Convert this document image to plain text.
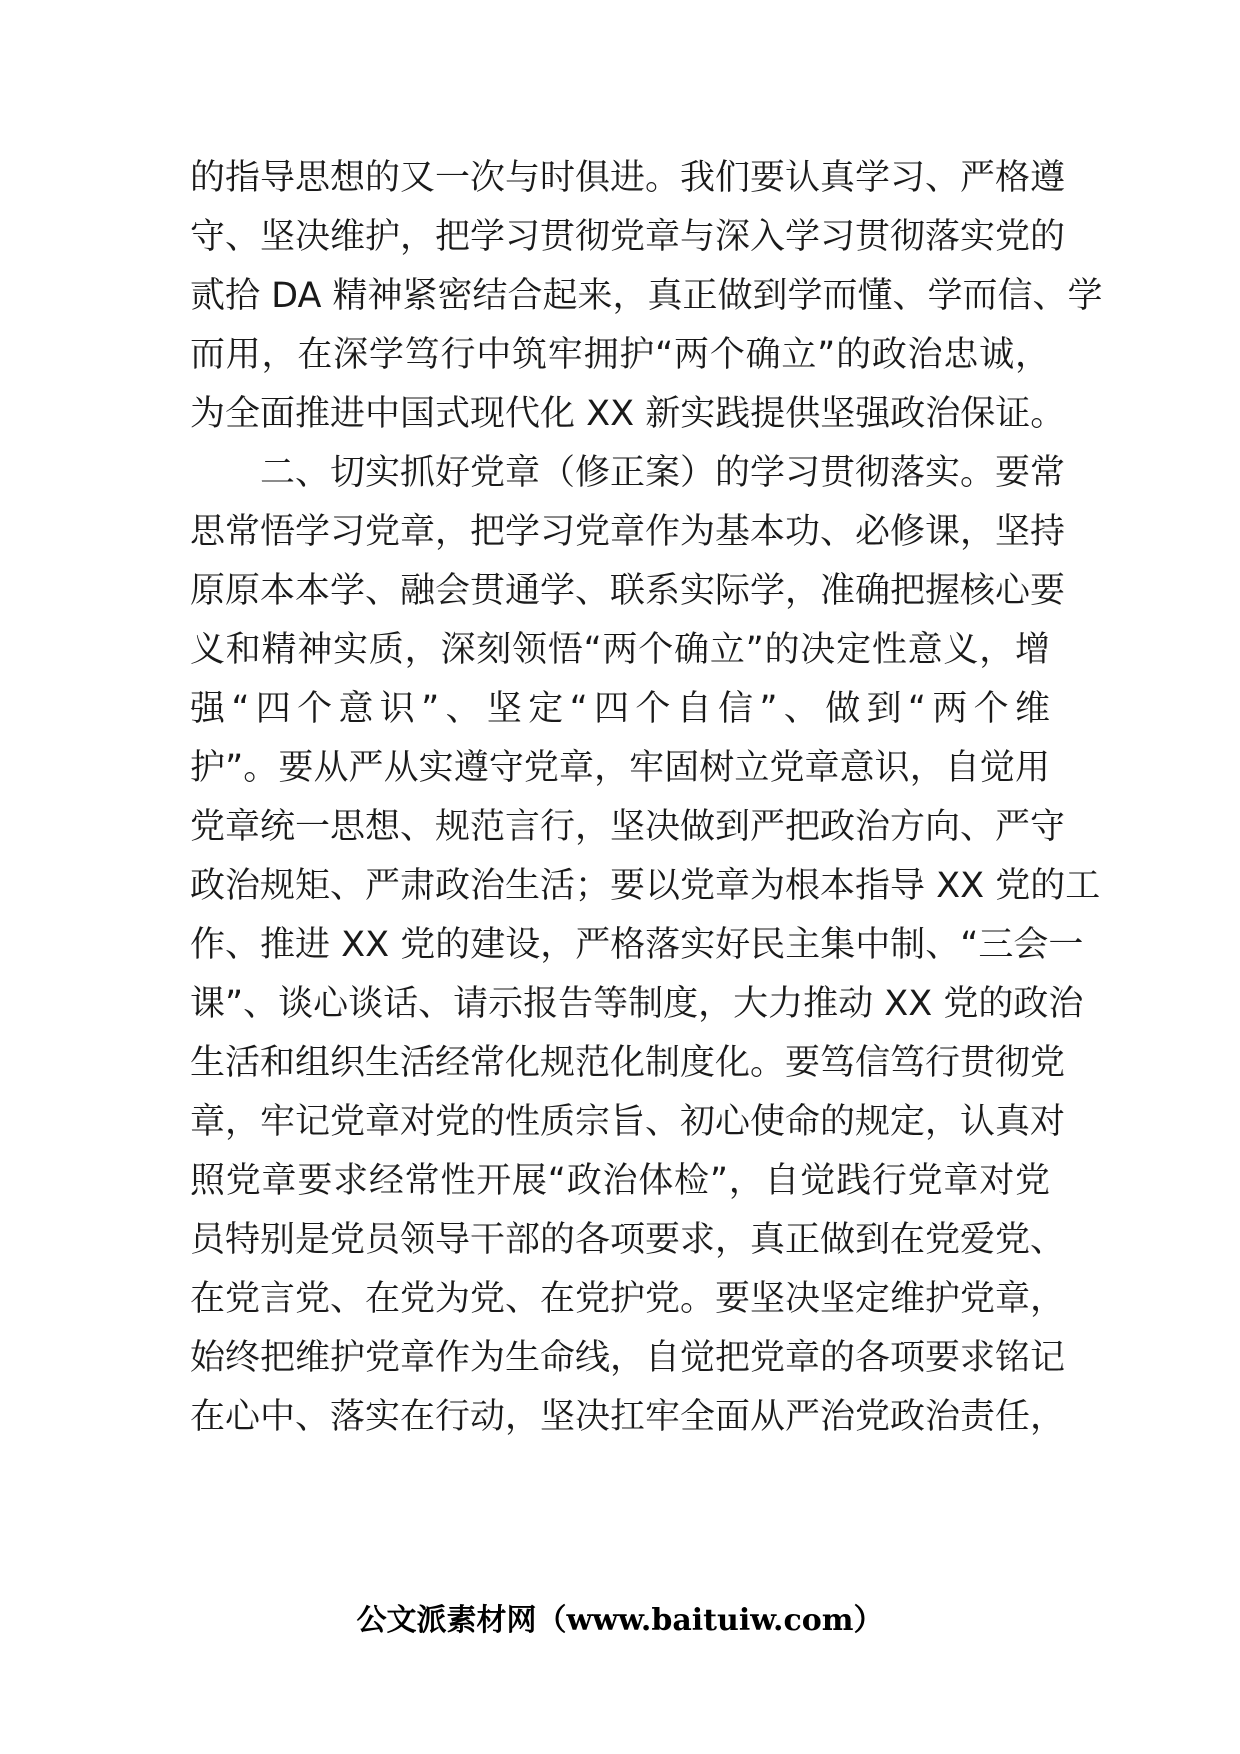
的指导思想的又一次与时俱进。我们要认真学习、严格遵
守、坚决维护，把学习贯彻党章与深入学习贯彻落实党的
贰拾 DA 精神紧密结合起来，真正做到学而懂、学而信、学
而用，在深学笃行中筑牢拥护“两个确立”的政治忠诚，
为全面推进中国式现代化 XX 新实践提供坚强政治保证。
　　二、切实抓好党章（修正案）的学习贯彻落实。要常
思常悟学习党章，把学习党章作为基本功、必修课，坚持
原原本本学、融会贯通学、联系实际学，准确把握核心要
义和精神实质，深刻领悟“两个确立”的决定性意义，增
强“四个意识”、坚定“四个自信”、做到“两个维
护”。要从严从实遵守党章，牢固树立党章意识，自觉用
党章统一思想、规范言行，坚决做到严把政治方向、严守
政治规矩、严肃政治生活；要以党章为根本指导 XX 党的工
作、推进 XX 党的建设，严格落实好民主集中制、“三会一
课”、谈心谈话、请示报告等制度，大力推动 XX 党的政治
生活和组织生活经常化规范化制度化。要笃信笃行贯彻党
章，牢记党章对党的性质宗旨、初心使命的规定，认真对
照党章要求经常性开展“政治体检”，自觉践行党章对党
员特别是党员领导干部的各项要求，真正做到在党爱党、
在党言党、在党为党、在党护党。要坚决坚定维护党章，
始终把维护党章作为生命线，自觉把党章的各项要求铭记
在心中、落实在行动，坚决扛牢全面从严治党政治责任，
公文派素材网（www.baituiw.com）
